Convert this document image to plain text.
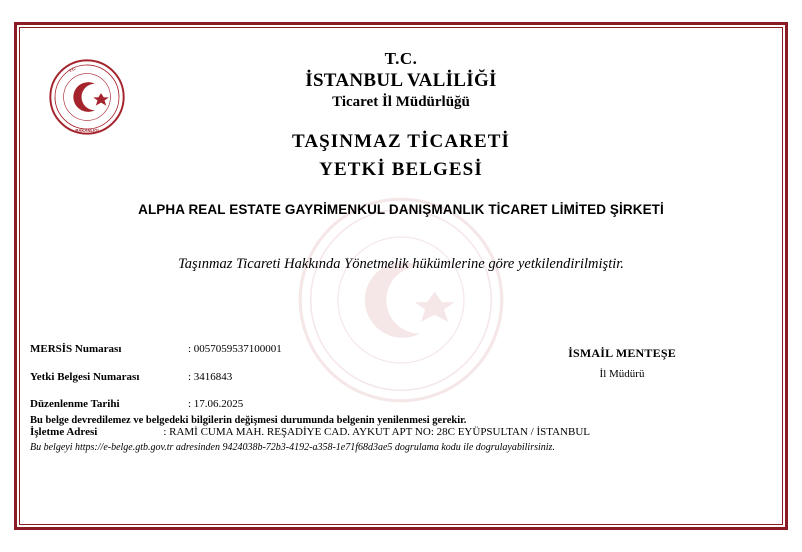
T.C.
BAKANLIĞI
T.C.
İSTANBUL VALİLİĞİ
Ticaret İl Müdürlüğü
TAŞINMAZ TİCARETİ
YETKİ BELGESİ
ALPHA REAL ESTATE GAYRİMENKUL DANIŞMANLIK TİCARET LİMİTED ŞİRKETİ
Taşınmaz Ticareti Hakkında Yönetmelik hükümlerine göre yetkilendirilmiştir.
MERSİS Numarası	: 0057059537100001
Yetki Belgesi Numarası	: 3416843
Düzenlenme Tarihi	: 17.06.2025
İşletme Adresi	: RAMİ CUMA MAH. REŞADİYE CAD. AYKUT APT NO: 28C EYÜPSULTAN / İSTANBUL
Bu belge devredilemez ve belgedeki bilgilerin değişmesi durumunda belgenin yenilenmesi gerekir.
Bu belgeyi https://e-belge.gtb.gov.tr adresinden 9424038b-72b3-4192-a358-1e71f68d3ae5 dogrulama kodu ile dogrulayabilirsiniz.
İSMAİL MENTEŞE
İl Müdürü
